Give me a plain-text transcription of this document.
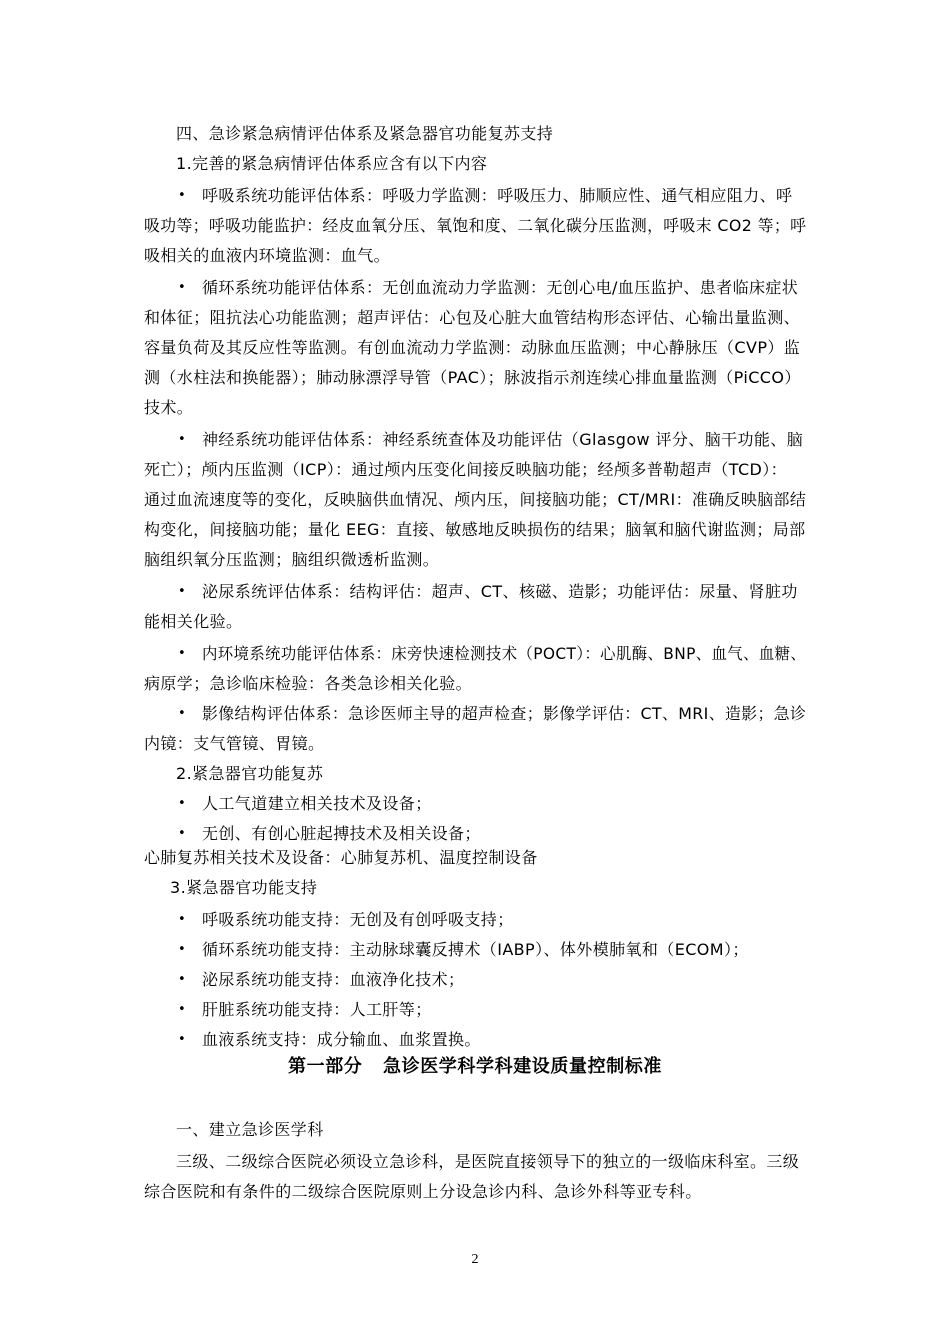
四、急诊紧急病情评估体系及紧急器官功能复苏支持
1.完善的紧急病情评估体系应含有以下内容
• 呼吸系统功能评估体系：呼吸力学监测：呼吸压力、肺顺应性、通气相应阻力、呼
吸功等；呼吸功能监护：经皮血氧分压、氧饱和度、二氧化碳分压监测，呼吸末 CO2 等；呼
吸相关的血液内环境监测：血气。
• 循环系统功能评估体系：无创血流动力学监测：无创心电/血压监护、患者临床症状
和体征；阻抗法心功能监测；超声评估：心包及心脏大血管结构形态评估、心输出量监测、
容量负荷及其反应性等监测。有创血流动力学监测：动脉血压监测；中心静脉压（CVP）监
测（水柱法和换能器）；肺动脉漂浮导管（PAC）；脉波指示剂连续心排血量监测（PiCCO）
技术。
• 神经系统功能评估体系：神经系统查体及功能评估（Glasgow 评分、脑干功能、脑
死亡）；颅内压监测（ICP）：通过颅内压变化间接反映脑功能；经颅多普勒超声（TCD）：
通过血流速度等的变化，反映脑供血情况、颅内压，间接脑功能；CT/MRI：准确反映脑部结
构变化，间接脑功能；量化 EEG：直接、敏感地反映损伤的结果；脑氧和脑代谢监测；局部
脑组织氧分压监测；脑组织微透析监测。
• 泌尿系统评估体系：结构评估：超声、CT、核磁、造影；功能评估：尿量、肾脏功
能相关化验。
• 内环境系统功能评估体系：床旁快速检测技术（POCT）：心肌酶、BNP、血气、血糖、
病原学；急诊临床检验：各类急诊相关化验。
• 影像结构评估体系：急诊医师主导的超声检查；影像学评估：CT、MRI、造影；急诊
内镜：支气管镜、胃镜。
2.紧急器官功能复苏
• 人工气道建立相关技术及设备；
• 无创、有创心脏起搏技术及相关设备；
心肺复苏相关技术及设备：心肺复苏机、温度控制设备
3.紧急器官功能支持
• 呼吸系统功能支持：无创及有创呼吸支持；
• 循环系统功能支持：主动脉球囊反搏术（IABP）、体外模肺氧和（ECOM）；
• 泌尿系统功能支持：血液净化技术；
• 肝脏系统功能支持：人工肝等；
• 血液系统支持：成分输血、血浆置换。
第一部分   急诊医学科学科建设质量控制标准
一、建立急诊医学科
三级、二级综合医院必须设立急诊科，是医院直接领导下的独立的一级临床科室。三级
综合医院和有条件的二级综合医院原则上分设急诊内科、急诊外科等亚专科。
2
